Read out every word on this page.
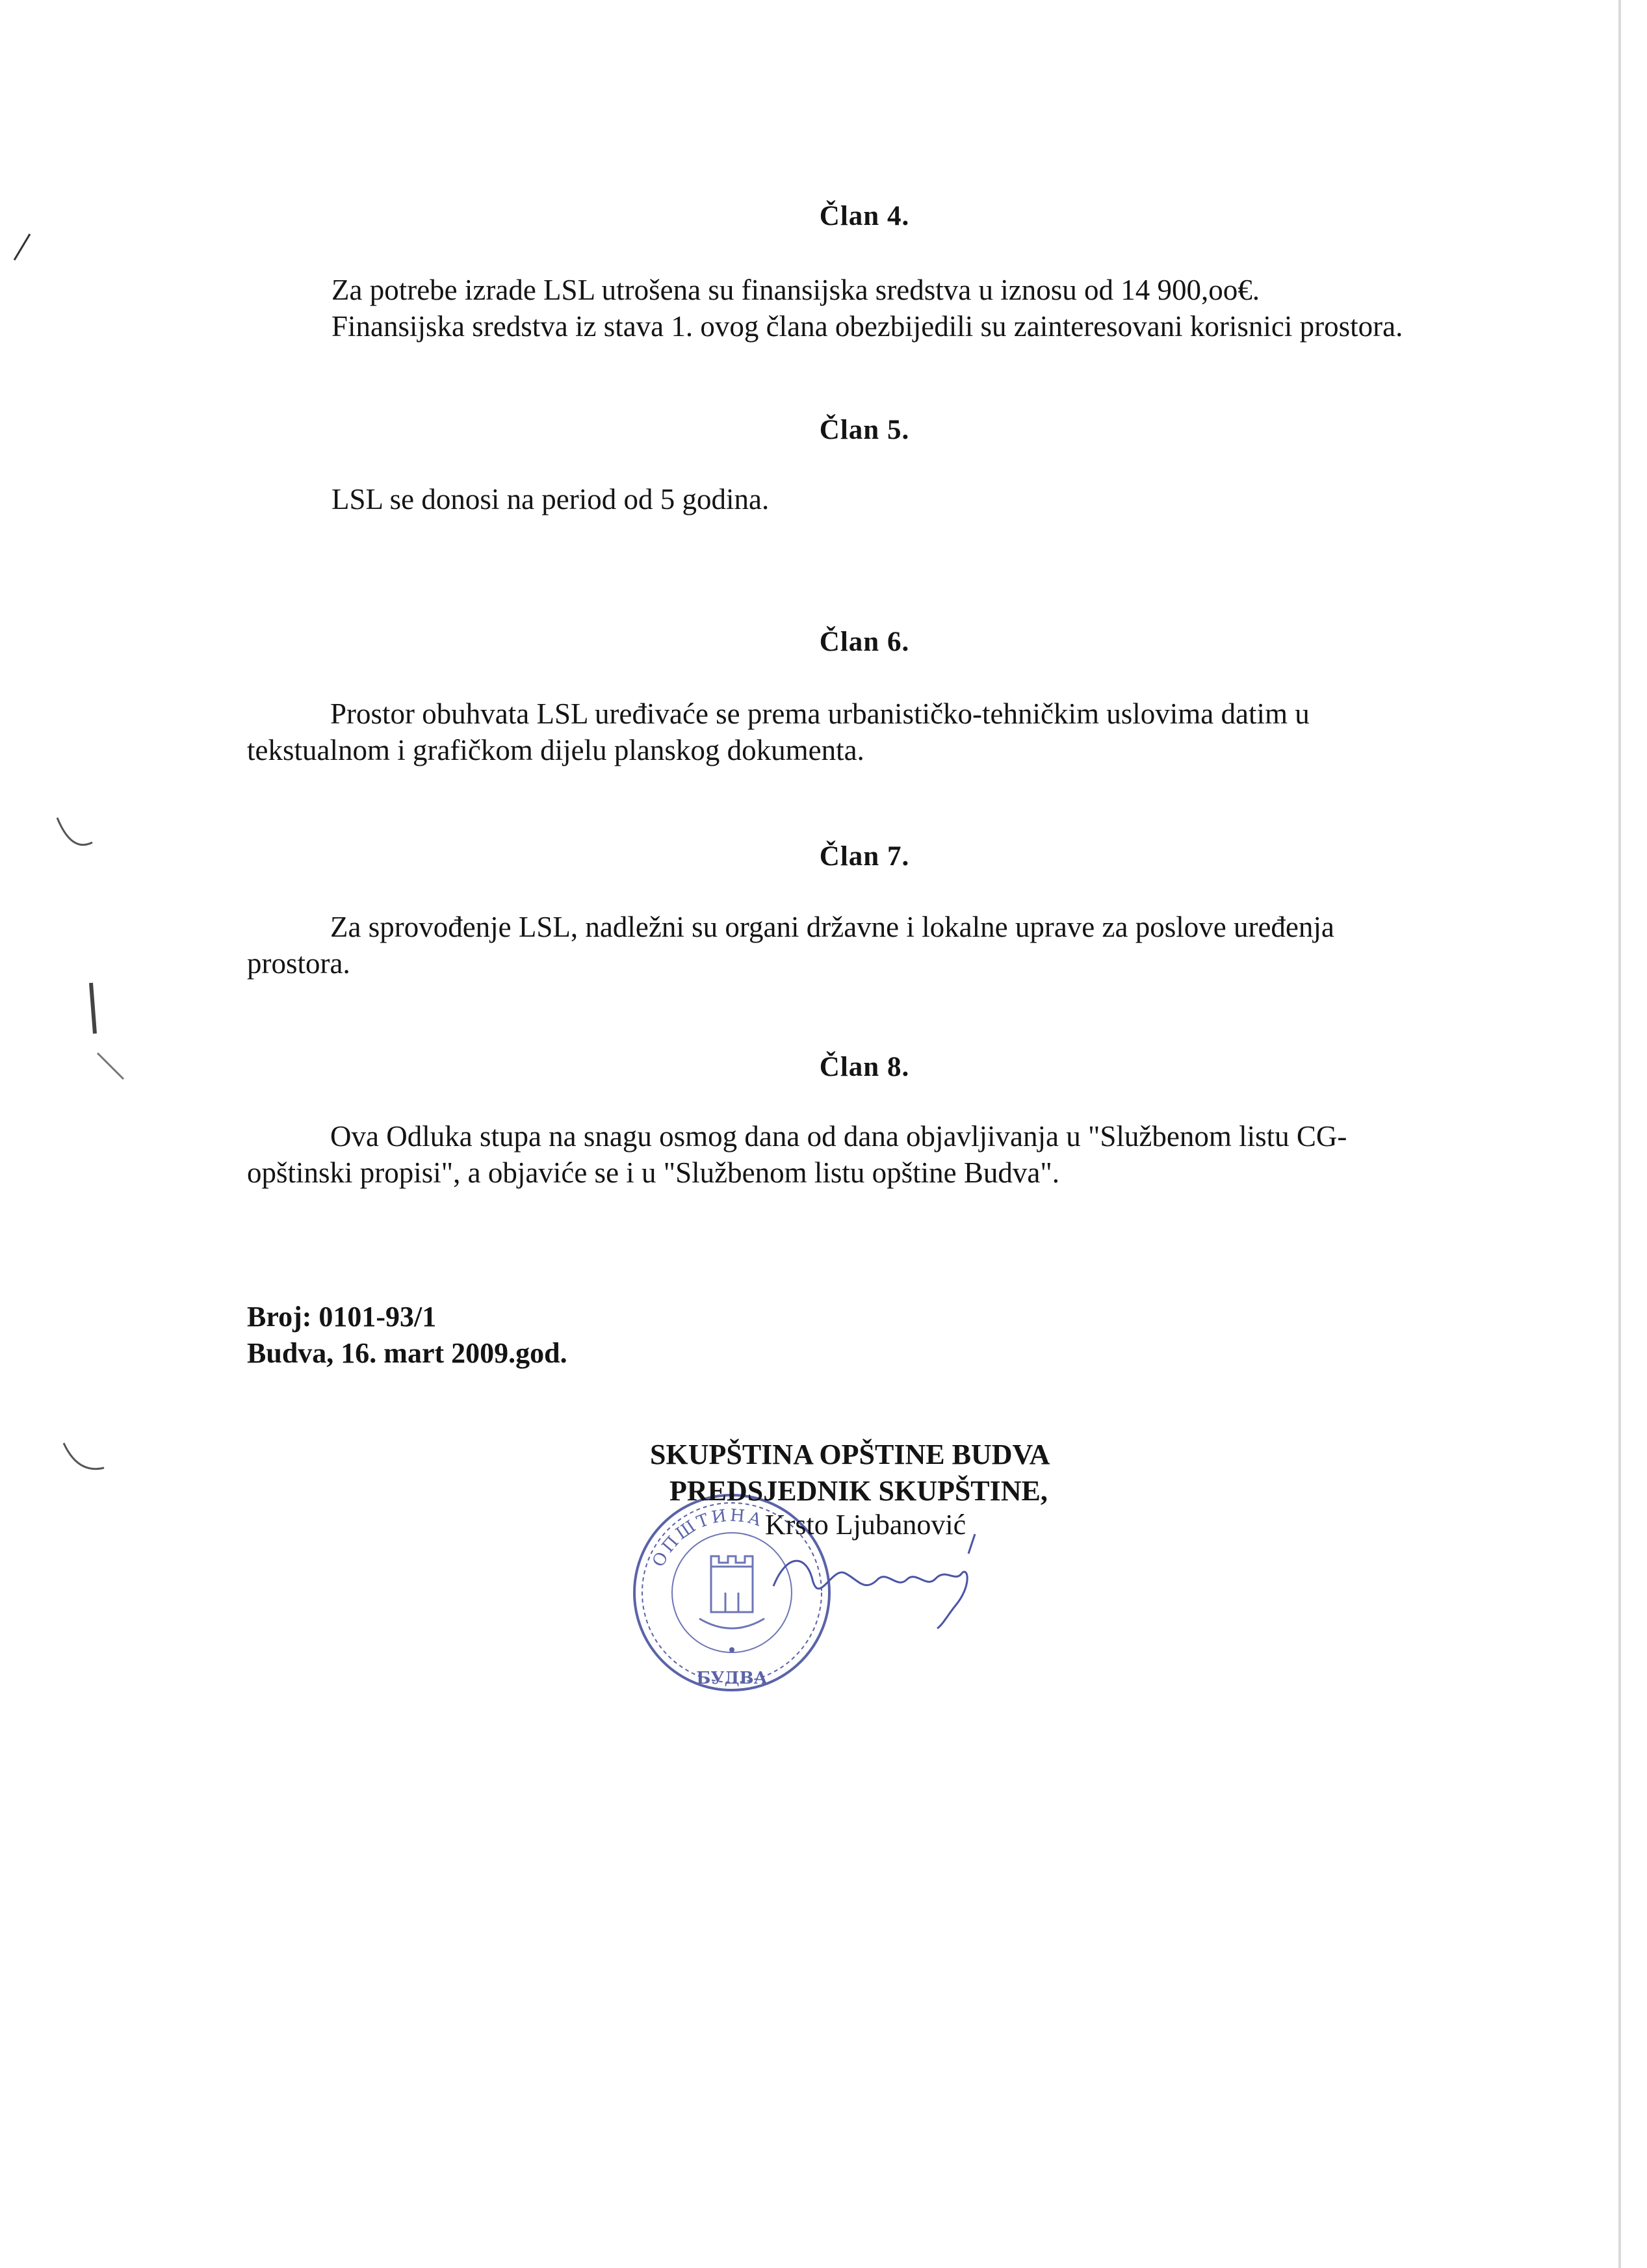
Član 4.
Za potrebe izrade LSL utrošena su finansijska sredstva u iznosu od 14 900,oo€.
Finansijska sredstva iz stava 1. ovog člana obezbijedili su zainteresovani korisnici prostora.
Član 5.
LSL se donosi na period od 5 godina.
Član 6.
Prostor obuhvata LSL uređivaće se prema urbanističko-tehničkim uslovima datim u
tekstualnom i grafičkom dijelu planskog dokumenta.
Član 7.
Za sprovođenje LSL, nadležni su organi državne i lokalne uprave za poslove uređenja
prostora.
Član 8.
Ova Odluka stupa na snagu osmog dana od dana objavljivanja u "Službenom listu CG-
opštinski propisi", a objaviće se i u "Službenom listu opštine Budva".
Broj: 0101-93/1
Budva, 16. mart 2009.god.
ОПШТИНА
БУДВА
SKUPŠTINA OPŠTINE BUDVA
PREDSJEDNIK SKUPŠTINE,
Krsto Ljubanović
